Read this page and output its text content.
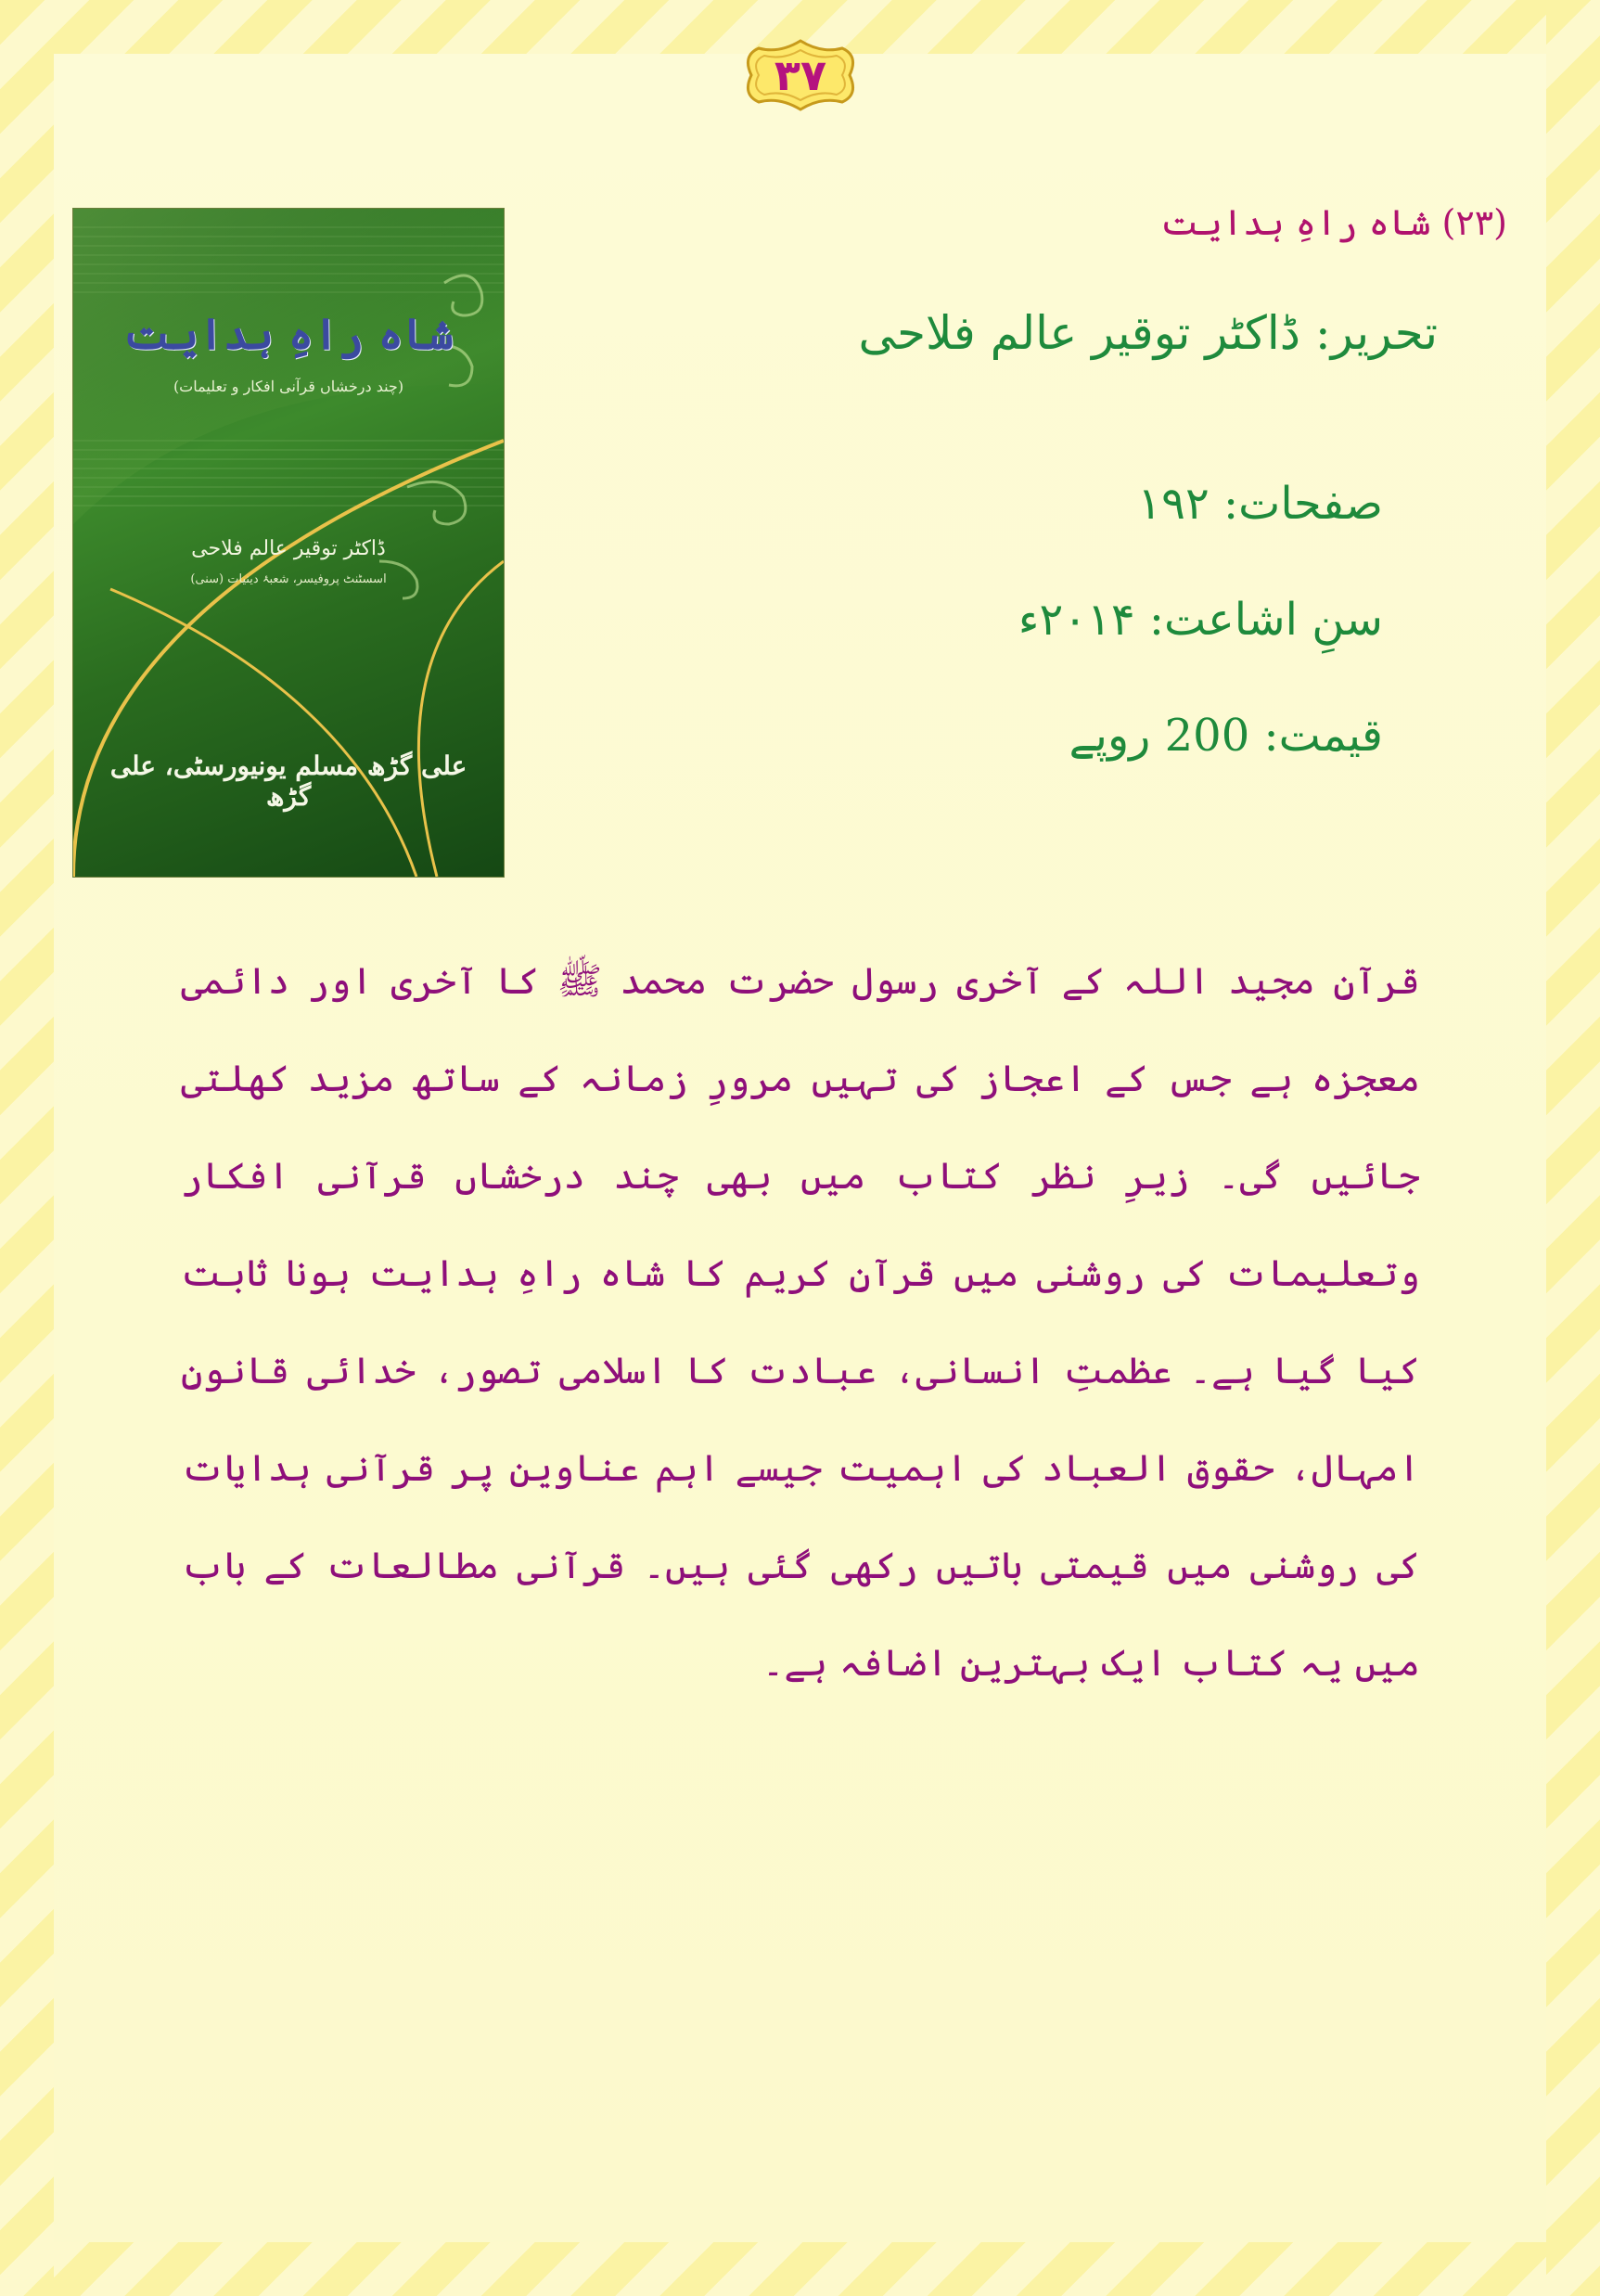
۳۷
شاہ راہِ ہدایت
(چند درخشاں قرآنی افکار و تعلیمات)
ڈاکٹر توقیر عالم فلاحی
اسسٹنٹ پروفیسر، شعبۂ دینیات (سنی)
علی گڑھ مسلم یونیورسٹی، علی گڑھ
(۲۳) شاہ راہِ ہدایت
تحریر: ڈاکٹر توقیر عالم فلاحی
صفحات: ۱۹۲
سنِ اشاعت: ۲۰۱۴ء
قیمت: 200 روپے

قرآنِ مجید اللہ کے آخری رسول حضرت محمد ﷺ کا آخری اور دائمی معجزہ ہے جس کے اعجاز کی تہیں مرورِ زمانہ کے ساتھ مزید کھلتی جائیں گی۔ زیرِ نظر کتاب میں بھی چند درخشاں قرآنی افکار وتعلیمات کی روشنی میں قرآنِ کریم کا شاہ راہِ ہدایت ہونا ثابت کیا گیا ہے۔ عظمتِ انسانی، عبادت کا اسلامی تصور، خدائی قانونِ امہال، حقوق العباد کی اہمیت جیسے اہم عناوین پر قرآنی ہدایات کی روشنی میں قیمتی باتیں رکھی گئی ہیں۔ قرآنی مطالعات کے باب میں یہ کتاب ایک بہترین اضافہ ہے۔
